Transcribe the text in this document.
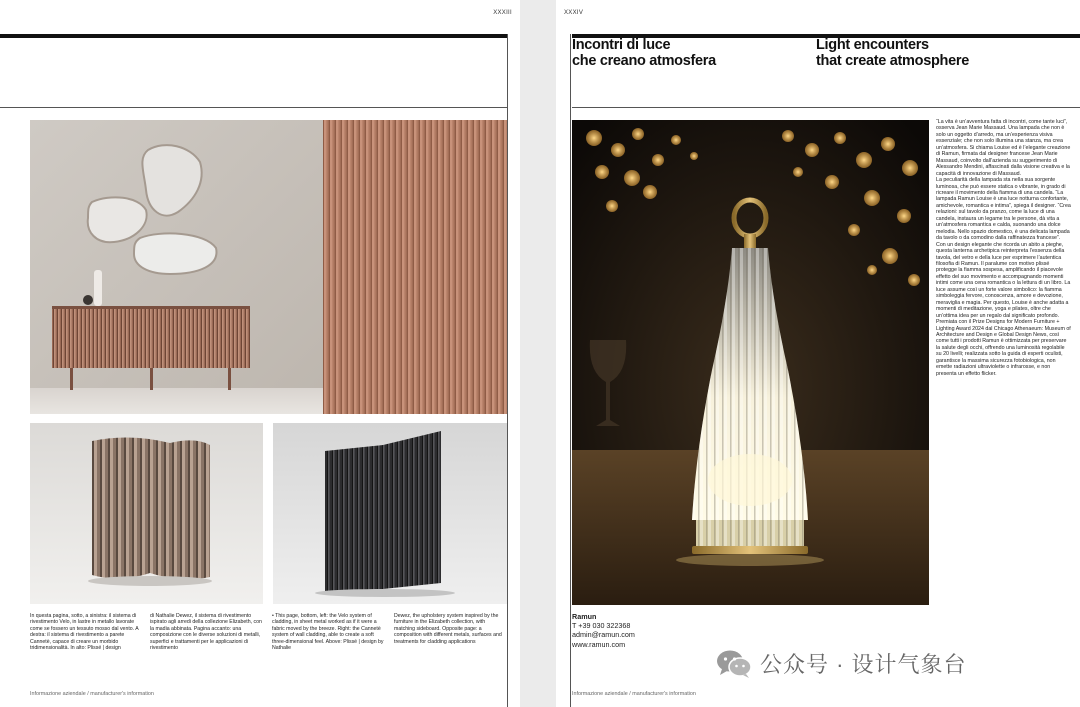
XXXIII

In questa pagina, sotto, a sinistra: il sistema di rivestimento Velo, in lastre in metallo lavorate come se fossero un tessuto mosso dal vento. A destra: il sistema di rivestimento a parete Cannetè, capace di creare un morbido tridimensionalità. In alto: Plissé | design

di Nathalie Dewez, il sistema di rivestimento ispirato agli arredi della collezione Elizabeth, con la madia abbinata. Pagina accanto: una composizione con le diverse soluzioni di metalli, superfici e trattamenti per le applicazioni di rivestimento

• This page, bottom, left: the Velo system of cladding, in sheet metal worked as if it were a fabric moved by the breeze. Right: the Cannetè system of wall cladding, able to create a soft three-dimensional feel. Above: Plissé | design by Nathalie

Dewez, the upholstery system inspired by the furniture in the Elizabeth collection, with matching sideboard. Opposite page: a composition with different metals, surfaces and treatments for cladding applications

Informazione aziendale / manufacturer's information
XXXIV
Incontri di luce
che creano atmosfera
Light encounters
that create atmosphere
PHOTO XXXXXXXX

“La vita è un’avventura fatta di incontri, come tante luci”, osserva Jean Marie Massaud. Una lampada che non è solo un oggetto d’arredo, ma un’esperienza visiva essenziale; che non solo illumina una stanza, ma crea un’atmosfera. Si chiama Louise ed è l’elegante creazione di Ramun, firmata dal designer francese Jean Marie Massaud, coinvolto dall’azienda su suggerimento di Alessandro Mendini, affascinati dalla visione creativa e la capacità di innovazione di Massaud.

La peculiarità della lampada sta nella sua sorgente luminosa, che può essere statica o vibrante, in grado di ricreare il movimento della fiamma di una candela. “La lampada Ramun Louise è una luce notturna confortante, amichevole, romantica e intima”, spiega il designer. “Crea relazioni: sul tavolo da pranzo, come la luce di una candela, instaura un legame tra le persone, dà vita a un’atmosfera romantica e calda, suonando una dolce melodia. Nello spazio domestico, è una delicata lampada da tavolo o da comodino dalla raffinatezza francese”.

Con un design elegante che ricorda un abito a pieghe, questa lanterna archetipica reinterpreta l’essenza della tavola, del vetro e della luce per esprimere l’autentica filosofia di Ramun. Il paralume con motivo plissé protegge la fiamma sospesa, amplificando il piacevole effetto del suo movimento e accompagnando momenti intimi come una cena romantica o la lettura di un libro. La luce assume così un forte valore simbolico: la fiamma simboleggia fervore, conoscenza, amore e devozione, meraviglia e magia. Per questo, Louise è anche adatta a momenti di meditazione, yoga e pilates, oltre che un’ottima idea per un regalo dal significato profondo.

Premiata con il Prize Designs for Modern Furniture + Lighting Award 2024 dal Chicago Athenaeum: Museum of Architecture and Design e Global Design News, così come tutti i prodotti Ramun è ottimizzata per preservare la salute degli occhi, offrendo una luminosità regolabile su 20 livelli; realizzata sotto la guida di esperti oculisti, garantisce la massima sicurezza fotobiologica, non emette radiazioni ultraviolette o infrarosse, e non presenta un effetto flicker.

Ramun
T +39 030 322368
admin@ramun.com
www.ramun.com
Informazione aziendale / manufacturer's information
公众号 · 设计气象台
